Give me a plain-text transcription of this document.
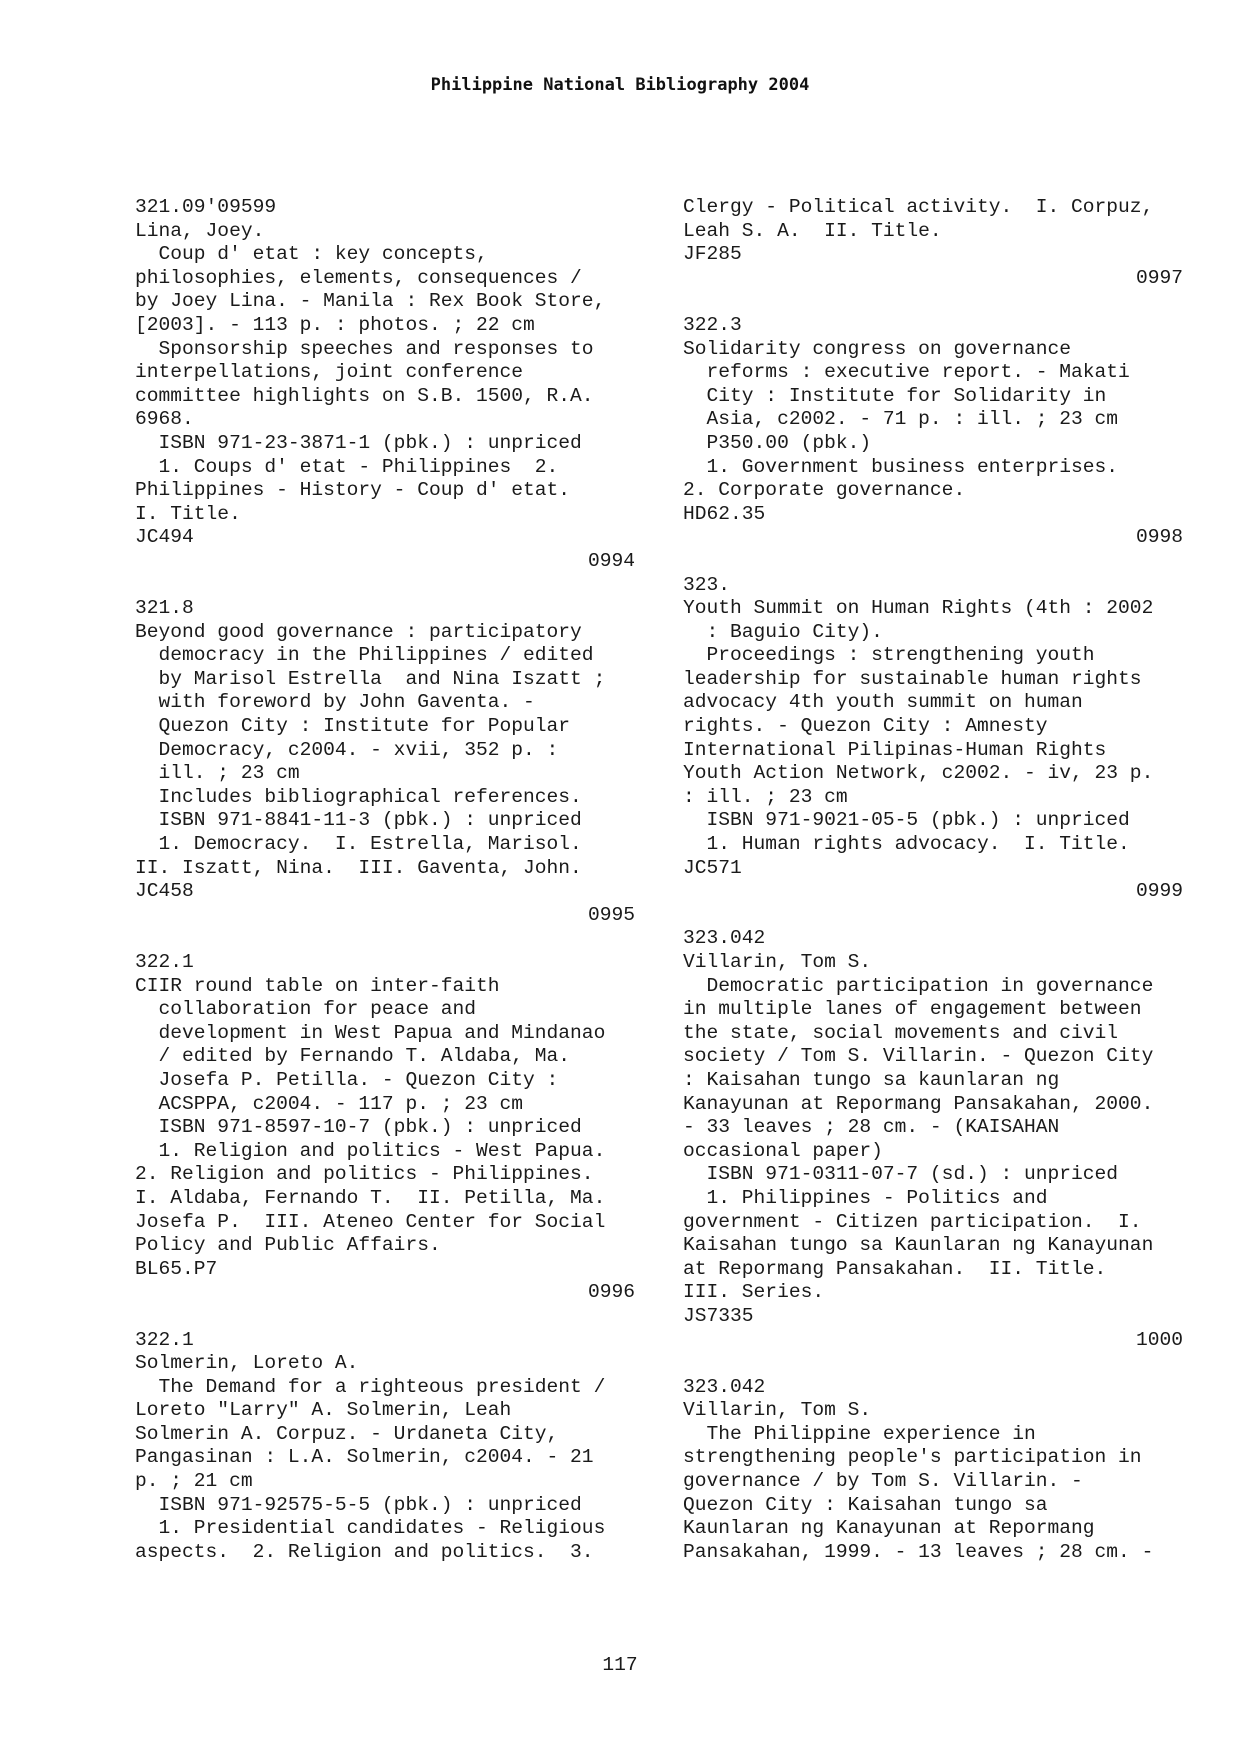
Philippine National Bibliography 2004
321.09'09599
Lina, Joey.
Coup d' etat : key concepts,
philosophies, elements, consequences /
by Joey Lina. - Manila : Rex Book Store,
[2003]. - 113 p. : photos. ; 22 cm
Sponsorship speeches and responses to
interpellations, joint conference
committee highlights on S.B. 1500, R.A.
6968.
ISBN 971-23-3871-1 (pbk.) : unpriced
1. Coups d' etat - Philippines  2.
Philippines - History - Coup d' etat.
I. Title.
JC494
0994
321.8
Beyond good governance : participatory
democracy in the Philippines / edited
by Marisol Estrella  and Nina Iszatt ;
with foreword by John Gaventa. -
Quezon City : Institute for Popular
Democracy, c2004. - xvii, 352 p. :
ill. ; 23 cm
Includes bibliographical references.
ISBN 971-8841-11-3 (pbk.) : unpriced
1. Democracy.  I. Estrella, Marisol.
II. Iszatt, Nina.  III. Gaventa, John.
JC458
0995
322.1
CIIR round table on inter-faith
collaboration for peace and
development in West Papua and Mindanao
/ edited by Fernando T. Aldaba, Ma.
Josefa P. Petilla. - Quezon City :
ACSPPA, c2004. - 117 p. ; 23 cm
ISBN 971-8597-10-7 (pbk.) : unpriced
1. Religion and politics - West Papua.
2. Religion and politics - Philippines.
I. Aldaba, Fernando T.  II. Petilla, Ma.
Josefa P.  III. Ateneo Center for Social
Policy and Public Affairs.
BL65.P7
0996
322.1
Solmerin, Loreto A.
The Demand for a righteous president /
Loreto "Larry" A. Solmerin, Leah
Solmerin A. Corpuz. - Urdaneta City,
Pangasinan : L.A. Solmerin, c2004. - 21
p. ; 21 cm
ISBN 971-92575-5-5 (pbk.) : unpriced
1. Presidential candidates - Religious
aspects.  2. Religion and politics.  3.
Clergy - Political activity.  I. Corpuz,
Leah S. A.  II. Title.
JF285
0997
322.3
Solidarity congress on governance
reforms : executive report. - Makati
City : Institute for Solidarity in
Asia, c2002. - 71 p. : ill. ; 23 cm
P350.00 (pbk.)
1. Government business enterprises.
2. Corporate governance.
HD62.35
0998
323.
Youth Summit on Human Rights (4th : 2002
: Baguio City).
Proceedings : strengthening youth
leadership for sustainable human rights
advocacy 4th youth summit on human
rights. - Quezon City : Amnesty
International Pilipinas-Human Rights
Youth Action Network, c2002. - iv, 23 p.
: ill. ; 23 cm
ISBN 971-9021-05-5 (pbk.) : unpriced
1. Human rights advocacy.  I. Title.
JC571
0999
323.042
Villarin, Tom S.
Democratic participation in governance
in multiple lanes of engagement between
the state, social movements and civil
society / Tom S. Villarin. - Quezon City
: Kaisahan tungo sa kaunlaran ng
Kanayunan at Repormang Pansakahan, 2000.
- 33 leaves ; 28 cm. - (KAISAHAN
occasional paper)
ISBN 971-0311-07-7 (sd.) : unpriced
1. Philippines - Politics and
government - Citizen participation.  I.
Kaisahan tungo sa Kaunlaran ng Kanayunan
at Repormang Pansakahan.  II. Title.
III. Series.
JS7335
1000
323.042
Villarin, Tom S.
The Philippine experience in
strengthening people's participation in
governance / by Tom S. Villarin. -
Quezon City : Kaisahan tungo sa
Kaunlaran ng Kanayunan at Repormang
Pansakahan, 1999. - 13 leaves ; 28 cm. -
117
